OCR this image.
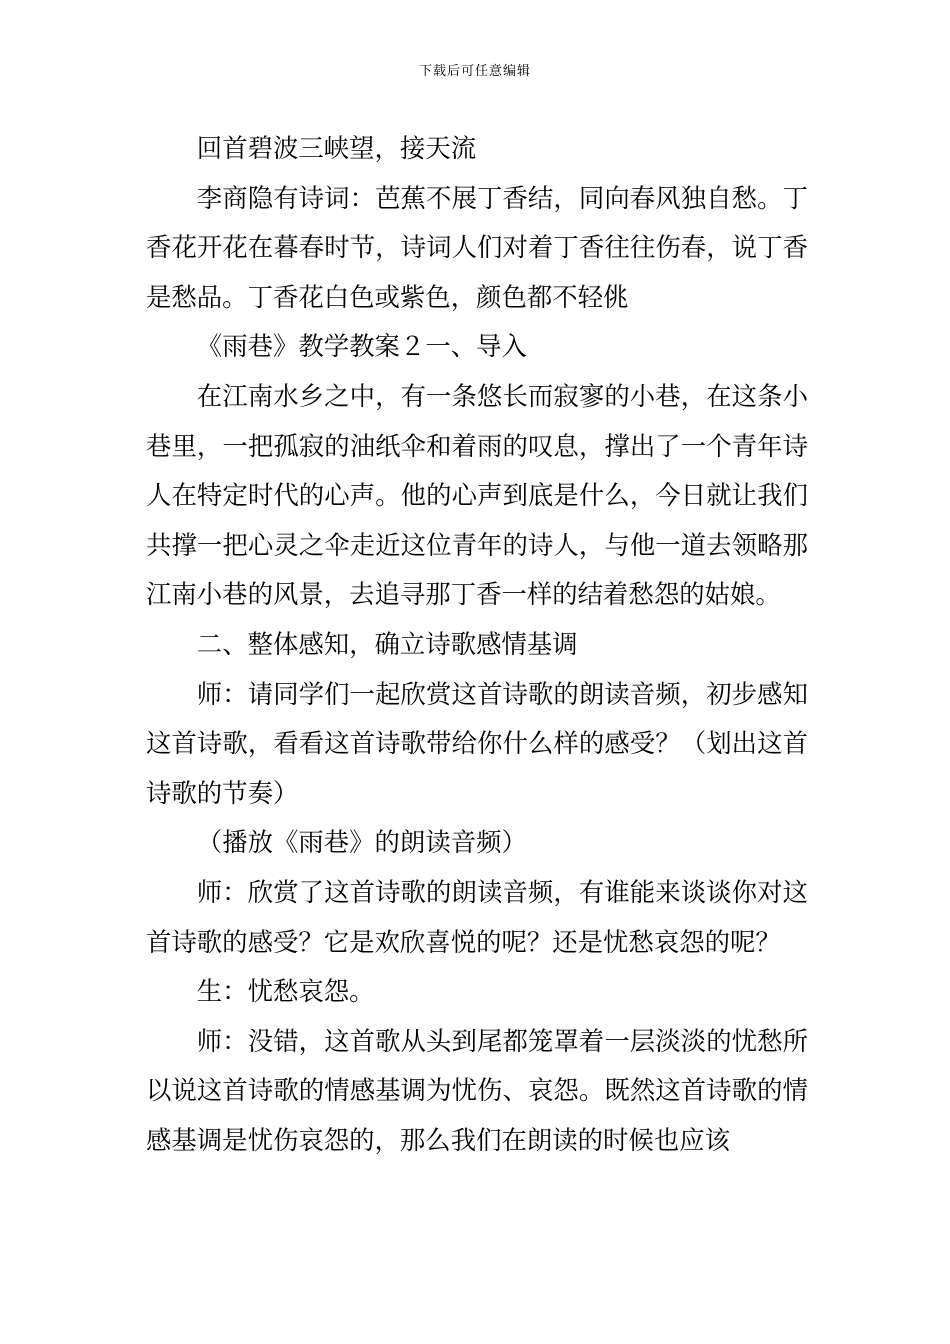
下载后可任意编辑

回首碧波三峡望，接天流

李商隐有诗词：芭蕉不展丁香结，同向春风独自愁。丁香花开花在暮春时节，诗词人们对着丁香往往伤春，说丁香是愁品。丁香花白色或紫色，颜色都不轻佻

《雨巷》教学教案２一、导入

在江南水乡之中，有一条悠长而寂寥的小巷，在这条小巷里，一把孤寂的油纸伞和着雨的叹息，撑出了一个青年诗人在特定时代的心声。他的心声到底是什么，今日就让我们共撑一把心灵之伞走近这位青年的诗人，与他一道去领略那江南小巷的风景，去追寻那丁香一样的结着愁怨的姑娘。

二、整体感知，确立诗歌感情基调

师：请同学们一起欣赏这首诗歌的朗读音频，初步感知这首诗歌，看看这首诗歌带给你什么样的感受？（划出这首诗歌的节奏）

（播放《雨巷》的朗读音频）

师：欣赏了这首诗歌的朗读音频，有谁能来谈谈你对这首诗歌的感受？它是欢欣喜悦的呢？还是忧愁哀怨的呢？

生：忧愁哀怨。

师：没错，这首歌从头到尾都笼罩着一层淡淡的忧愁所以说这首诗歌的情感基调为忧伤、哀怨。既然这首诗歌的情感基调是忧伤哀怨的，那么我们在朗读的时候也应该
